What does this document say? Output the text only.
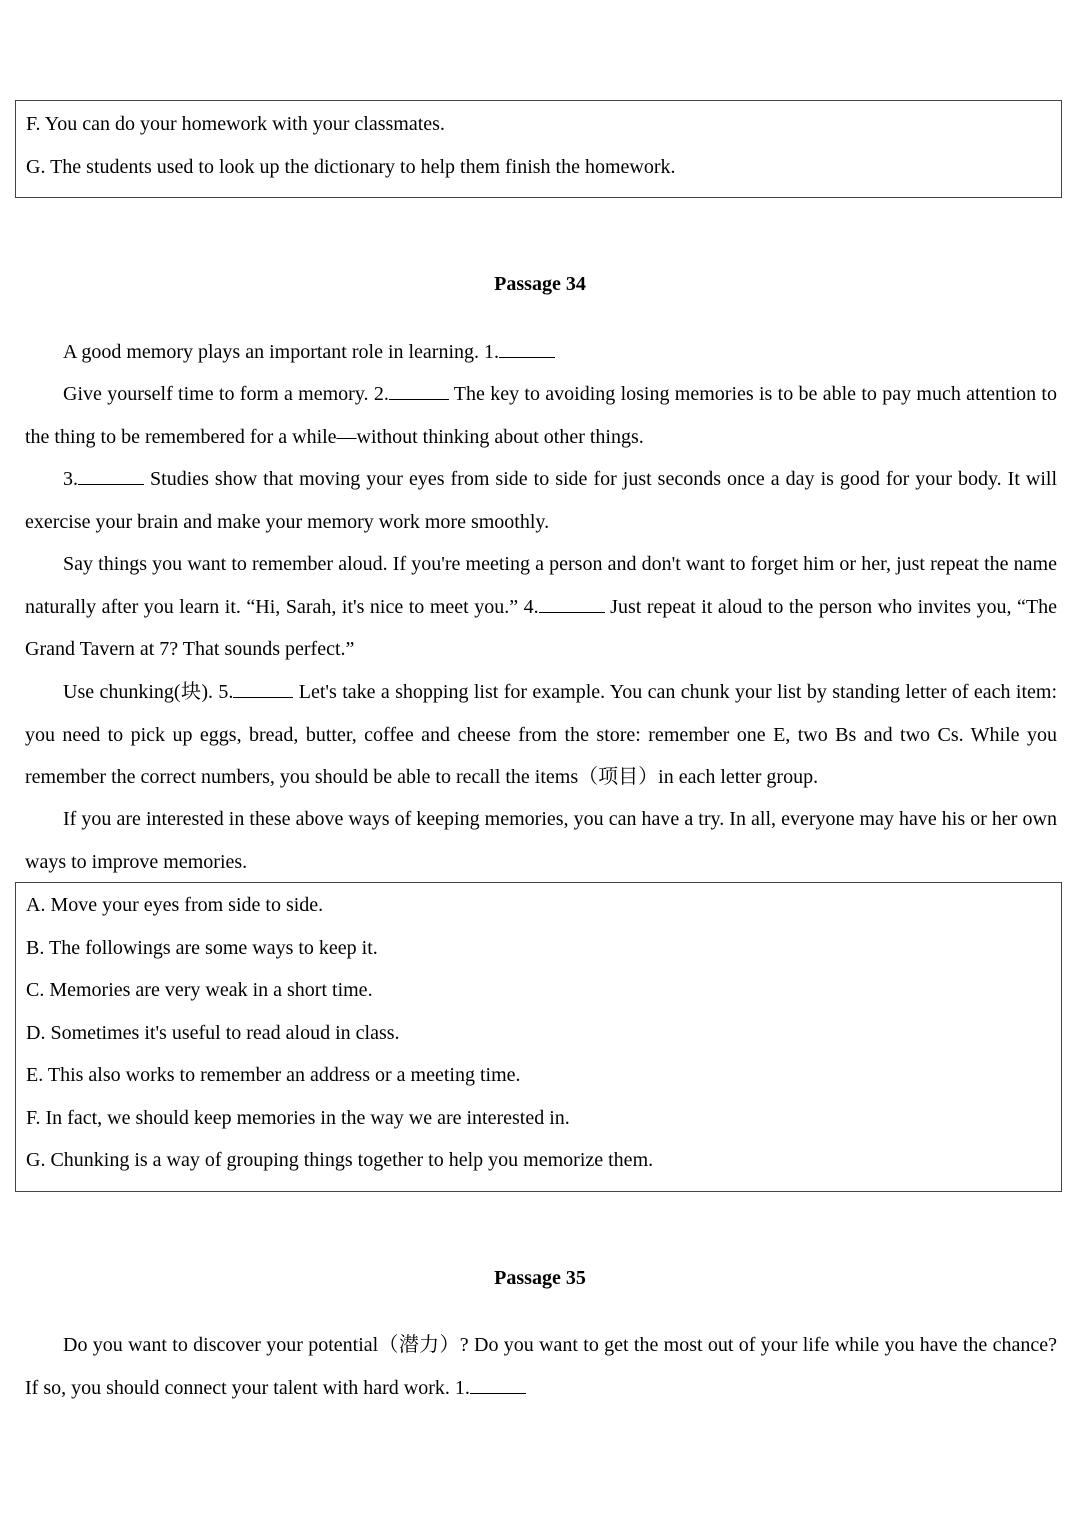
F. You can do your homework with your classmates.
G. The students used to look up the dictionary to help them finish the homework.
Passage 34
A good memory plays an important role in learning. 1.
Give yourself time to form a memory. 2.	The key to avoiding losing memories is to be able to pay much attention to the thing to be remembered for a while—without thinking about other things.
3.	Studies show that moving your eyes from side to side for just seconds once a day is good for your body. It will exercise your brain and make your memory work more smoothly.
Say things you want to remember aloud. If you're meeting a person and don't want to forget him or her, just repeat the name naturally after you learn it. “Hi, Sarah, it's nice to meet you.” 4.	Just repeat it aloud to the person who invites you, “The Grand Tavern at 7? That sounds perfect.”
Use chunking(块). 5.	Let's take a shopping list for example. You can chunk your list by standing letter of each item: you need to pick up eggs, bread, butter, coffee and cheese from the store: remember one E, two Bs and two Cs. While you remember the correct numbers, you should be able to recall the items（项目）in each letter group.
If you are interested in these above ways of keeping memories, you can have a try. In all, everyone may have his or her own ways to improve memories.
A. Move your eyes from side to side.
B. The followings are some ways to keep it.
C. Memories are very weak in a short time.
D. Sometimes it's useful to read aloud in class.
E. This also works to remember an address or a meeting time.
F. In fact, we should keep memories in the way we are interested in.
G. Chunking is a way of grouping things together to help you memorize them.
Passage 35
Do you want to discover your potential（潜力）? Do you want to get the most out of your life while you have the chance?If so, you should connect your talent with hard work. 1.
